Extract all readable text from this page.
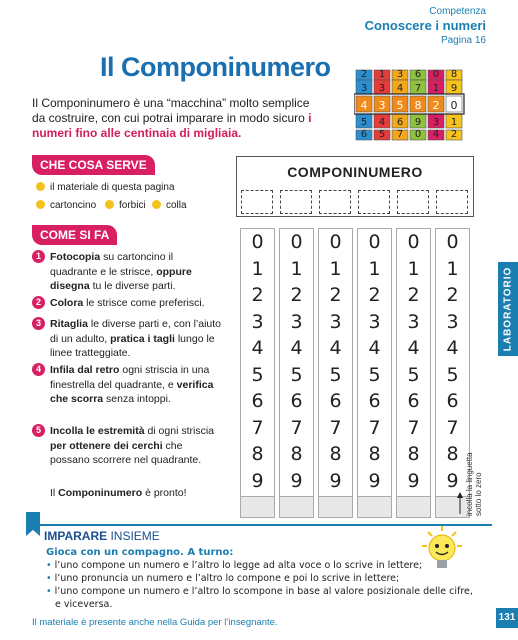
Competenza
Conoscere i numeri
Pagina 16
Il Componinumero
Il Componinumero è una “macchina” molto semplice da costruire, con cui potrai imparare in modo sicuro i numeri fino alle centinaia di migliaia.
2 1 3 6 0 8
3 3 4 7 1 9
4 3 5 8 2 0
5 4 6 9 3 1
6 5 7 0 4 2
CHE COSA SERVE
il materiale di questa pagina
cartoncino	forbici	colla
COME SI FA
1 Fotocopia su cartoncino il quadrante e le strisce, oppure disegna tu le diverse parti.
2 Colora le strisce come preferisci.
3 Ritaglia le diverse parti e, con l’aiuto di un adulto, pratica i tagli lungo le linee tratteggiate.
4 Infila dal retro ogni striscia in una finestrella del quadrante, e verifica che scorra senza intoppi.
5 Incolla le estremità di ogni striscia per ottenere dei cerchi che possano scorrere nel quadrante.
Il Componinumero è pronto!
COMPONINUMERO
0
1
2
3
4
5
6
7
8
9
0
1
2
3
4
5
6
7
8
9
0
1
2
3
4
5
6
7
8
9
0
1
2
3
4
5
6
7
8
9
0
1
2
3
4
5
6
7
8
9
0
1
2
3
4
5
6
7
8
9 incolla la linguetta sotto lo zero
LABORATORIO
IMPARARE INSIEME
Gioca con un compagno. A turno:
• l’uno compone un numero e l’altro lo legge ad alta voce o lo scrive in lettere;
• l’uno pronuncia un numero e l’altro lo compone e poi lo scrive in lettere;
• l’uno compone un numero e l’altro lo scompone in base al valore posizionale delle cifre,
e viceversa.
Il materiale è presente anche nella Guida per l’insegnante.	131
